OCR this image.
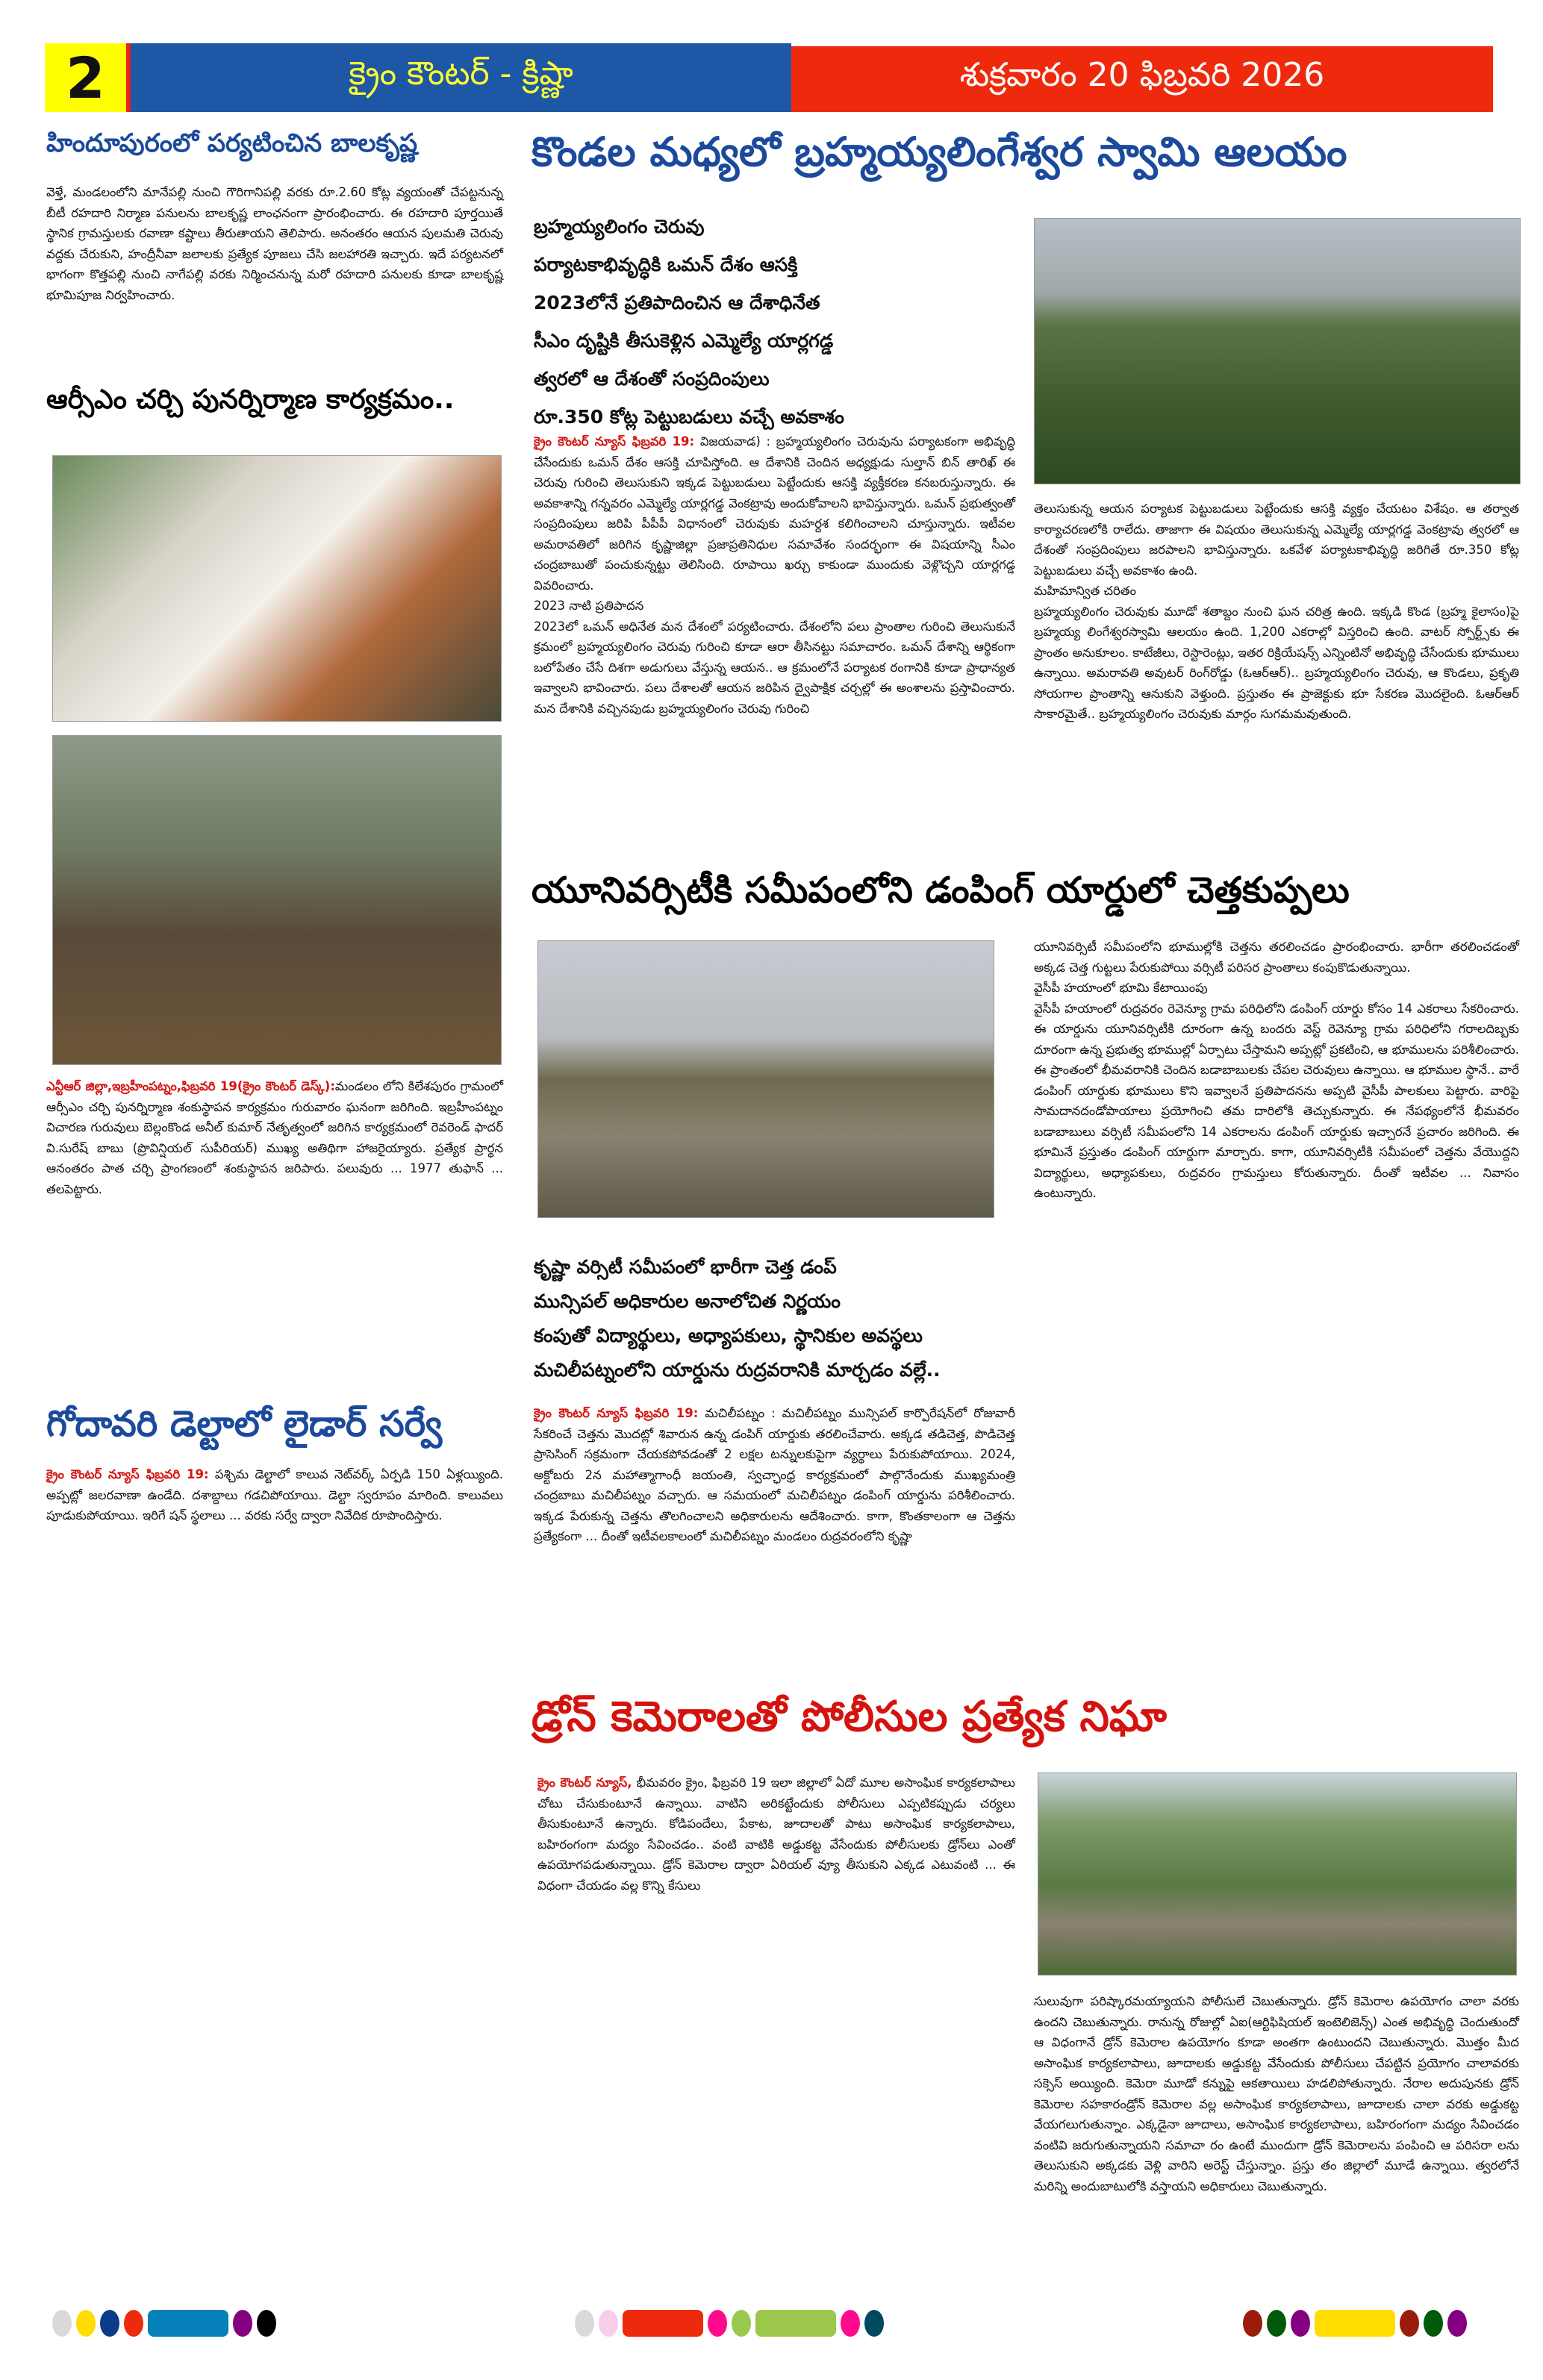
2	క్రైం కౌంటర్ - క్రిష్ణా	శుక్రవారం 20 ఫిబ్రవరి 2026
హిందూపురంలో పర్యటించిన బాలకృష్ణ

వెళ్తే, మండలంలోని మానేపల్లి నుంచి గౌరిగానిపల్లి వరకు రూ.2.60 కోట్ల వ్యయంతో చేపట్టనున్న బీటీ రహదారి నిర్మాణ పనులను బాలకృష్ణ లాంఛనంగా ప్రారంభించారు. ఈ రహదారి పూర్తయితే స్థానిక గ్రామస్తులకు రవాణా కష్టాలు తీరుతాయని తెలిపారు. అనంతరం ఆయన పులమతి చెరువు వద్దకు చేరుకుని, హంద్రీనీవా జలాలకు ప్రత్యేక పూజలు చేసి జలహారతి ఇచ్చారు. ఇదే పర్యటనలో భాగంగా కొత్తపల్లి నుంచి నాగేపల్లి వరకు నిర్మించనున్న మరో రహదారి పనులకు కూడా బాలకృష్ణ భూమిపూజ నిర్వహించారు.

ఆర్సీఎం చర్చి పునర్నిర్మాణ కార్యక్రమం..

ఎన్టీఆర్ జిల్లా,ఇబ్రహీంపట్నం,ఫిబ్రవరి 19(క్రైం కౌంటర్ డెస్క్):మండలం లోని కిలేశపురం గ్రామంలో ఆర్సీఎం చర్చి పునర్నిర్మాణ శంకుస్థాపన కార్యక్రమం గురువారం ఘనంగా జరిగింది. ఇబ్రహీంపట్నం విచారణ గురువులు బెల్లంకొండ అనీల్ కుమార్ నేతృత్వంలో జరిగిన కార్యక్రమంలో రెవరెండ్ ఫాదర్ వి.సురేష్ బాబు (ప్రొవిన్షియల్ సుపీరియర్) ముఖ్య అతిథిగా హాజరైయ్యారు. ప్రత్యేక ప్రార్థన ఆనంతరం పాత చర్చి ప్రాంగణంలో శంకుస్థాపన జరిపారు. పలువురు ... 1977 తుఫాన్ ... తలపెట్టారు.

గోదావరి డెల్టాలో లైడార్ సర్వే

క్రైం కౌంటర్ న్యూస్ ఫిబ్రవరి 19: పశ్చిమ డెల్టాలో కాలువ నెట్‌వర్క్ ఏర్పడి 150 ఏళ్లయ్యింది. అప్పట్లో జలరవాణా ఉండేది. దశాబ్దాలు గడచిపోయాయి. డెల్టా స్వరూపం మారింది. కాలువలు పూడుకుపోయాయి. ఇరిగే షన్ స్థలాలు ... వరకు సర్వే ద్వారా నివేదిక రూపొందిస్తారు.

కొండల మధ్యలో బ్రహ్మయ్యలింగేశ్వర స్వామి ఆలయం
బ్రహ్మయ్యలింగం చెరువు
పర్యాటకాభివృద్ధికి ఒమన్ దేశం ఆసక్తి
2023లోనే ప్రతిపాదించిన ఆ దేశాధినేత
సీఎం దృష్టికి తీసుకెళ్లిన ఎమ్మెల్యే యార్లగడ్డ
త్వరలో ఆ దేశంతో సంప్రదింపులు
రూ.350 కోట్ల పెట్టుబడులు వచ్చే అవకాశం

క్రైం కౌంటర్ న్యూస్ ఫిబ్రవరి 19: విజయవాడ) : బ్రహ్మయ్యలింగం చెరువును పర్యాటకంగా అభివృద్ధి చేసేందుకు ఒమన్ దేశం ఆసక్తి చూపిస్తోంది. ఆ దేశానికి చెందిన అధ్యక్షుడు సుల్తాన్ బిన్ తారిఖ్ ఈ చెరువు గురించి తెలుసుకుని ఇక్కడ పెట్టుబడులు పెట్టేందుకు ఆసక్తి వ్యక్తీకరణ కనబరుస్తున్నారు. ఈ అవకాశాన్ని గన్నవరం ఎమ్మెల్యే యార్లగడ్డ వెంకట్రావు అందుకోవాలని భావిస్తున్నారు. ఒమన్ ప్రభుత్వంతో సంప్రదింపులు జరిపి పీపీపీ విధానంలో చెరువుకు మహర్దశ కలిగించాలని చూస్తున్నారు. ఇటీవల అమరావతిలో జరిగిన కృష్ణాజిల్లా ప్రజాప్రతినిధుల సమావేశం సందర్భంగా ఈ విషయాన్ని సీఎం చంద్రబాబుతో పంచుకున్నట్టు తెలిసింది. రూపాయి ఖర్చు కాకుండా ముందుకు వెళ్లొచ్చని యార్లగడ్డ వివరించారు.

2023 నాటి ప్రతిపాదన

2023లో ఒమన్ అధినేత మన దేశంలో పర్యటించారు. దేశంలోని పలు ప్రాంతాల గురించి తెలుసుకునే క్రమంలో బ్రహ్మయ్యలింగం చెరువు గురించి కూడా ఆరా తీసినట్టు సమాచారం. ఒమన్ దేశాన్ని ఆర్థికంగా బలోపేతం చేసే దిశగా అడుగులు వేస్తున్న ఆయన.. ఆ క్రమంలోనే పర్యాటక రంగానికి కూడా ప్రాధాన్యత ఇవ్వాలని భావించారు. పలు దేశాలతో ఆయన జరిపిన ద్వైపాక్షిక చర్చల్లో ఈ అంశాలను ప్రస్తావించారు. మన దేశానికి వచ్చినపుడు బ్రహ్మయ్యలింగం చెరువు గురించి

తెలుసుకున్న ఆయన పర్యాటక పెట్టుబడులు పెట్టేందుకు ఆసక్తి వ్యక్తం చేయటం విశేషం. ఆ తర్వాత కార్యాచరణలోకి రాలేదు. తాజాగా ఈ విషయం తెలుసుకున్న ఎమ్మెల్యే యార్లగడ్డ వెంకట్రావు త్వరలో ఆ దేశంతో సంప్రదింపులు జరపాలని భావిస్తున్నారు. ఒకవేళ పర్యాటకాభివృద్ధి జరిగితే రూ.350 కోట్ల పెట్టుబడులు వచ్చే అవకాశం ఉంది.

మహిమాన్విత చరితం

బ్రహ్మయ్యలింగం చెరువుకు మూడో శతాబ్దం నుంచి ఘన చరిత్ర ఉంది. ఇక్కడి కొండ (బ్రహ్మ కైలాసం)పై బ్రహ్మయ్య లింగేశ్వరస్వామి ఆలయం ఉంది. 1,200 ఎకరాల్లో విస్తరించి ఉంది. వాటర్ స్పోర్ట్స్‌కు ఈ ప్రాంతం అనుకూలం. కాటేజీలు, రెస్టారెంట్లు, ఇతర రిక్రియేషన్స్ ఎన్నింటినో అభివృద్ధి చేసేందుకు భూములు ఉన్నాయి. అమరావతి అవుటర్ రింగ్‌రోడ్డు (ఓఆర్ఆర్).. బ్రహ్మయ్యలింగం చెరువు, ఆ కొండలు, ప్రకృతి సోయగాల ప్రాంతాన్ని ఆనుకుని వెళ్తుంది. ప్రస్తుతం ఈ ప్రాజెక్టుకు భూ సేకరణ మొదలైంది. ఓఆర్ఆర్ సాకారమైతే.. బ్రహ్మయ్యలింగం చెరువుకు మార్గం సుగమమవుతుంది.

యూనివర్సిటీకి సమీపంలోని డంపింగ్ యార్డులో చెత్తకుప్పలు
కృష్ణా వర్సిటీ సమీపంలో భారీగా చెత్త డంప్
మున్సిపల్ అధికారుల అనాలోచిత నిర్ణయం
కంపుతో విద్యార్థులు, అధ్యాపకులు, స్థానికుల అవస్థలు
మచిలీపట్నంలోని యార్డును రుద్రవరానికి మార్చడం వల్లే..

క్రైం కౌంటర్ న్యూస్ ఫిబ్రవరి 19: మచిలీపట్నం : మచిలీపట్నం మున్సిపల్ కార్పొరేషన్‌లో రోజువారీ సేకరించే చెత్తను మొదట్లో శివారున ఉన్న డంపిగ్ యార్డుకు తరలించేవారు. అక్కడ తడిచెత్త, పొడిచెత్త ప్రాసెసింగ్ సక్రమంగా చేయకపోవడంతో 2 లక్షల టన్నులకుపైగా వ్యర్థాలు పేరుకుపోయాయి. 2024, అక్టోబరు 2న మహాత్మాగాంధీ జయంతి, స్వచ్ఛాంధ్ర కార్యక్రమంలో పాల్గొనేందుకు ముఖ్యమంత్రి చంద్రబాబు మచిలీపట్నం వచ్చారు. ఆ సమయంలో మచిలీపట్నం డంపింగ్ యార్డును పరిశీలించారు. ఇక్కడ పేరుకున్న చెత్తను తొలగించాలని అధికారులను ఆదేశించారు. కాగా, కొంతకాలంగా ఆ చెత్తను ప్రత్యేకంగా ... దీంతో ఇటీవలకాలంలో మచిలీపట్నం మండలం రుద్రవరంలోని కృష్ణా

యూనివర్సిటీ సమీపంలోని భూముల్లోకి చెత్తను తరలించడం ప్రారంభించారు. భారీగా తరలించడంతో అక్కడ చెత్త గుట్టలు పేరుకుపోయి వర్సిటీ పరిసర ప్రాంతాలు కంపుకొడుతున్నాయి.

వైసీపీ హయాంలో భూమి కేటాయింపు

వైసీపీ హయాంలో రుద్రవరం రెవెన్యూ గ్రామ పరిధిలోని డంపింగ్ యార్డు కోసం 14 ఎకరాలు సేకరించారు. ఈ యార్డును యూనివర్సిటీకి దూరంగా ఉన్న బందరు వెస్ట్ రెవెన్యూ గ్రామ పరిధిలోని గరాలదిబ్బకు దూరంగా ఉన్న ప్రభుత్వ భూముల్లో ఏర్పాటు చేస్తామని అప్పట్లో ప్రకటించి, ఆ భూములను పరిశీలించారు. ఈ ప్రాంతంలో భీమవరానికి చెందిన బడాబాబులకు చేపల చెరువులు ఉన్నాయి. ఆ భూముల స్థానే.. వారే డంపింగ్ యార్డుకు భూములు కొని ఇవ్వాలనే ప్రతిపాదనను అప్పటి వైసీపీ పాలకులు పెట్టారు. వారిపై సామదానదండోపాయాలు ప్రయోగించి తమ దారిలోకి తెచ్చుకున్నారు. ఈ నేపథ్యంలోనే భీమవరం బడాబాబులు వర్సిటీ సమీపంలోని 14 ఎకరాలను డంపింగ్ యార్డుకు ఇచ్చారనే ప్రచారం జరిగింది. ఈ భూమినే ప్రస్తుతం డంపింగ్ యార్డుగా మార్చారు. కాగా, యూనివర్సిటీకి సమీపంలో చెత్తను వేయొద్దని విద్యార్థులు, అధ్యాపకులు, రుద్రవరం గ్రామస్తులు కోరుతున్నారు. దీంతో ఇటీవల ... నివాసం ఉంటున్నారు.

డ్రోన్ కెమెరాలతో పోలీసుల ప్రత్యేక నిఘా

క్రైం కౌంటర్ న్యూస్, భీమవరం క్రైం, ఫిబ్రవరి 19 ఇలా జిల్లాలో ఏదో మూల అసాంఘిక కార్యకలాపాలు చోటు చేసుకుంటూనే ఉన్నాయి. వాటిని అరికట్టేందుకు పోలీసులు ఎప్పటికప్పుడు చర్యలు తీసుకుంటూనే ఉన్నారు. కోడిపందేలు, పేకాట, జూదాలతో పాటు అసాంఘిక కార్యకలాపాలు, బహిరంగంగా మద్యం సేవించడం.. వంటి వాటికి అడ్డుకట్ట వేసేందుకు పోలీసులకు డ్రోన్‌లు ఎంతో ఉపయోగపడుతున్నాయి. డ్రోన్ కెమెరాల ద్వారా ఏరియల్ వ్యూ తీసుకుని ఎక్కడ ఎటువంటి ... ఈ విధంగా చేయడం వల్ల కొన్ని కేసులు

సులువుగా పరిష్కారమయ్యాయని పోలీసులే చెబుతున్నారు. డ్రోన్ కెమెరాల ఉపయోగం చాలా వరకు ఉందని చెబుతున్నారు. రానున్న రోజుల్లో ఏఐ(ఆర్టిఫిషియల్ ఇంటెలిజెన్స్) ఎంత అభివృద్ధి చెందుతుందో ఆ విధంగానే డ్రోన్ కెమెరాల ఉపయోగం కూడా అంతగా ఉంటుందని చెబుతున్నారు. మొత్తం మీద అసాంఘిక కార్యకలాపాలు, జూదాలకు అడ్డుకట్ట వేసేందుకు పోలీసులు చేపట్టిన ప్రయోగం చాలావరకు సక్సెస్ అయ్యింది. కెమెరా మూడో కన్నుపై ఆకతాయిలు హడలిపోతున్నారు. నేరాల అదుపునకు డ్రోన్ కెమెరాల సహకారండ్రోన్ కెమెరాల వల్ల అసాంఘిక కార్యకలాపాలు, జూదాలకు చాలా వరకు అడ్డుకట్ట వేయగలుగుతున్నాం. ఎక్కడైనా జూదాలు, అసాంఘిక కార్యకలాపాలు, బహిరంగంగా మద్యం సేవించడం వంటివి జరుగుతున్నాయని సమాచా రం ఉంటే ముందుగా డ్రోన్ కెమెరాలను పంపించి ఆ పరిసరా లను తెలుసుకుని అక్కడకు వెళ్లి వారిని అరెస్ట్ చేస్తున్నాం. ప్రస్తు తం జిల్లాలో మూడే ఉన్నాయి. త్వరలోనే మరిన్ని అందుబాటులోకి వస్తాయని అధికారులు చెబుతున్నారు.
